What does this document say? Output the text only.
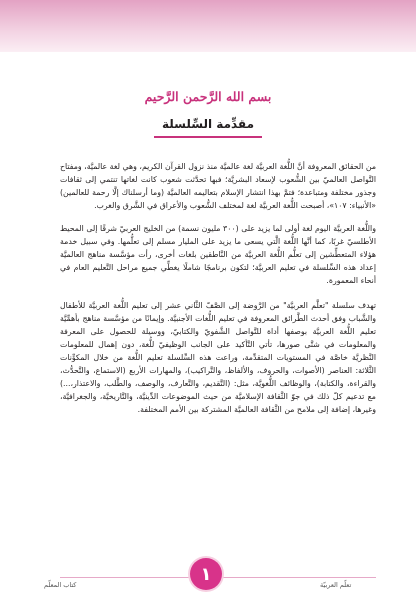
بسم الله الرَّحمن الرَّحيم
مقدِّمة السِّلسلة

من الحقائق المعروفة أنَّ اللُّغة العربيَّة لغة عالميَّة منذ نزول القرآن الكريم، وهي لغة عالميَّة، ومفتاح التَّواصل العالميّ بين الشُّعوب لإسعاد البشريَّة؛ فبها تحدَّثت شعوب كانت لغاتها تنتمي إلى ثقافات وجذور مختلفة ومتباعدة؛ فتمَّ بهذا انتشار الإسلام بتعاليمه العالميَّة (وما أرسلناك إلَّا رحمة للعالمين) «الأنبياء: ١٠٧»، أصبحت اللُّغة العربيَّة لغة لمختلف الشُّعوب والأعراق في الشَّرق والغرب.

واللُّغة العربيَّة اليوم لغة أولى لما يزيد على (٣٠٠ مليون نسمة) من الخليج العربيّ شرقًا إلى المحيط الأطلسيّ غربًا، كما أنَّها اللُّغة الَّتي يسعى ما يزيد على المليار مسلم إلى تعلُّمها. وفي سبيل خدمة هؤلاء المتعطِّشين إلى تعلُّم اللُّغة العربيَّة من النَّاطقين بلغات أخرى، رأت مؤسَّسة مناهج العالميَّة إعداد هذه السِّلسلة في تعليم العربيَّة؛ لتكون برنامجًا شاملًا يغطِّي جميع مراحل التَّعليم العام في أنحاء المعمورة.

تهدف سلسلة "تعلَّم العربيَّة" من الرَّوضة إلى الصَّفّ الثَّاني عشر إلى تعليم اللُّغة العربيَّة للأطفال والشَّباب وفق أحدث الطَّرائق المعروفة في تعليم اللُّغات الأجنبيَّة. وإيمانًا من مؤسَّسة مناهج بأهمِّيَّة تعليم اللُّغة العربيَّة بوصفها أداة للتَّواصل الشَّفويّ والكتابيّ، ووسيلة للحصول على المعرفة والمعلومات في شتَّى صورها، تأتي التَّأكيد على الجانب الوظيفيّ للُّغة، دون إهمال للمعلومات النَّظريَّة خاصَّة في المستويات المتقدِّمة، وراعت هذه السِّلسلة تعليم اللُّغة من خلال المكوِّنات الثَّلاثة: العناصر (الأصوات، والحروف، والألفاظ، والتَّراكيب)، والمهارات الأربع (الاستماع، والتَّحدُّث، والقراءة، والكتابة)، والوظائف اللُّغويَّة، مثل: (التَّقديم، والتَّعارف، والوصف، والطَّلب، والاعتذار،...) مع تدعيم كلّ ذلك في جوّ الثَّقافة الإسلاميَّة من حيث الموضوعات الدِّينيَّة، والتَّاريخيَّة، والجغرافيَّة، وغيرها، إضافة إلى ملامح من الثَّقافة العالميَّة المشتركة بين الأمم المختلفة.

كتاب المعلّم	تعلّم العربيّة
١
